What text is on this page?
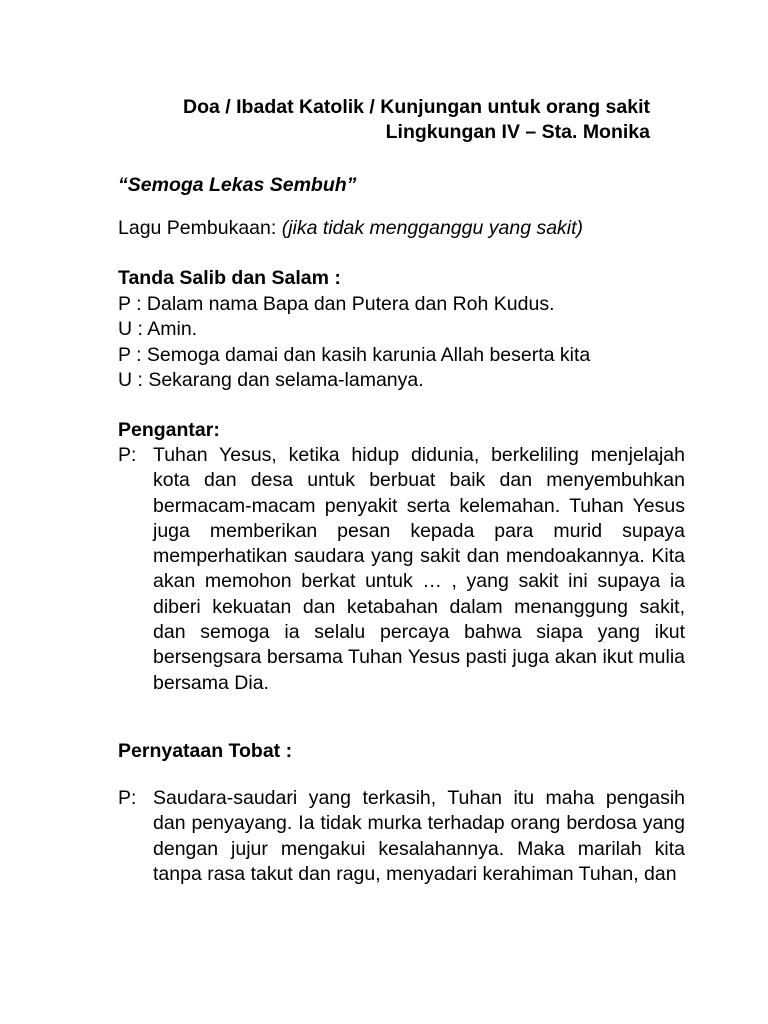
Doa / Ibadat Katolik / Kunjungan untuk orang sakit
Lingkungan IV – Sta. Monika
“Semoga Lekas Sembuh”
Lagu Pembukaan: (jika tidak mengganggu yang sakit)
Tanda Salib dan Salam :
P : Dalam nama Bapa dan Putera dan Roh Kudus.
U : Amin.
P : Semoga damai dan kasih karunia Allah beserta kita
U : Sekarang dan selama-lamanya.
Pengantar:
P: Tuhan Yesus, ketika hidup didunia, berkeliling menjelajah kota dan desa untuk berbuat baik dan menyembuhkan bermacam-macam penyakit serta kelemahan. Tuhan Yesus juga memberikan pesan kepada para murid supaya memperhatikan saudara yang sakit dan mendoakannya. Kita akan memohon berkat untuk … , yang sakit ini supaya ia diberi kekuatan dan ketabahan dalam menanggung sakit, dan semoga ia selalu percaya bahwa siapa yang ikut bersengsara bersama Tuhan Yesus pasti juga akan ikut mulia bersama Dia.
Pernyataan Tobat :
P: Saudara-saudari yang terkasih, Tuhan itu maha pengasih dan penyayang. Ia tidak murka terhadap orang berdosa yang dengan jujur mengakui kesalahannya. Maka marilah kita tanpa rasa takut dan ragu, menyadari kerahiman Tuhan, dan
